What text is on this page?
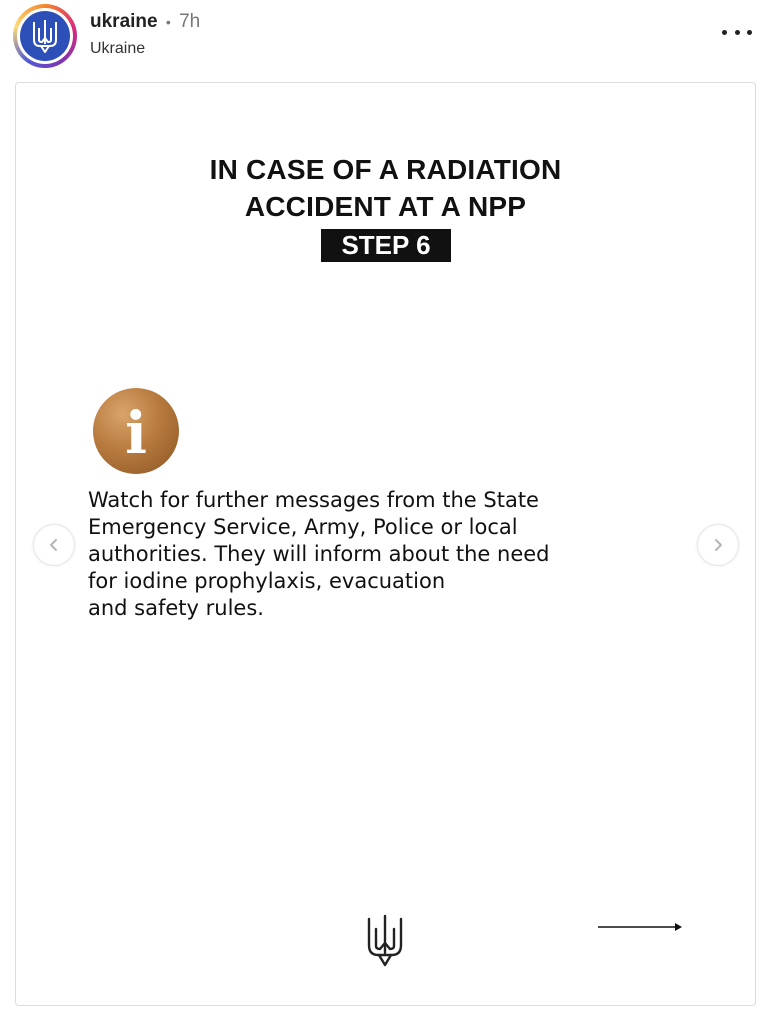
ukraine • 7h
Ukraine
IN CASE OF A RADIATION
ACCIDENT AT A NPP
STEP 6
i
Watch for further messages from the State
Emergency Service, Army, Police or local
authorities. They will inform about the need
for iodine prophylaxis, evacuation
and safety rules.
